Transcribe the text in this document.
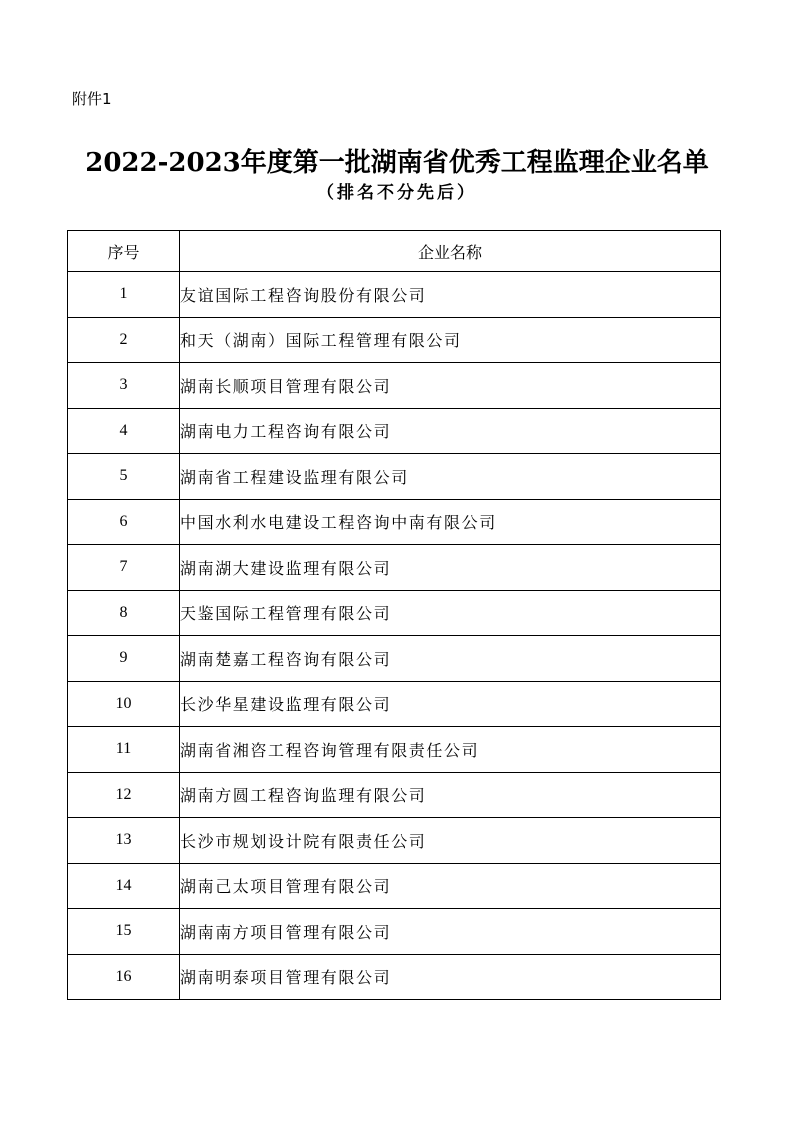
附件1
2022-2023年度第一批湖南省优秀工程监理企业名单
（排名不分先后）
序号	企业名称
1	友谊国际工程咨询股份有限公司
2	和天（湖南）国际工程管理有限公司
3	湖南长顺项目管理有限公司
4	湖南电力工程咨询有限公司
5	湖南省工程建设监理有限公司
6	中国水利水电建设工程咨询中南有限公司
7	湖南湖大建设监理有限公司
8	天鉴国际工程管理有限公司
9	湖南楚嘉工程咨询有限公司
10	长沙华星建设监理有限公司
11	湖南省湘咨工程咨询管理有限责任公司
12	湖南方圆工程咨询监理有限公司
13	长沙市规划设计院有限责任公司
14	湖南己太项目管理有限公司
15	湖南南方项目管理有限公司
16	湖南明泰项目管理有限公司
